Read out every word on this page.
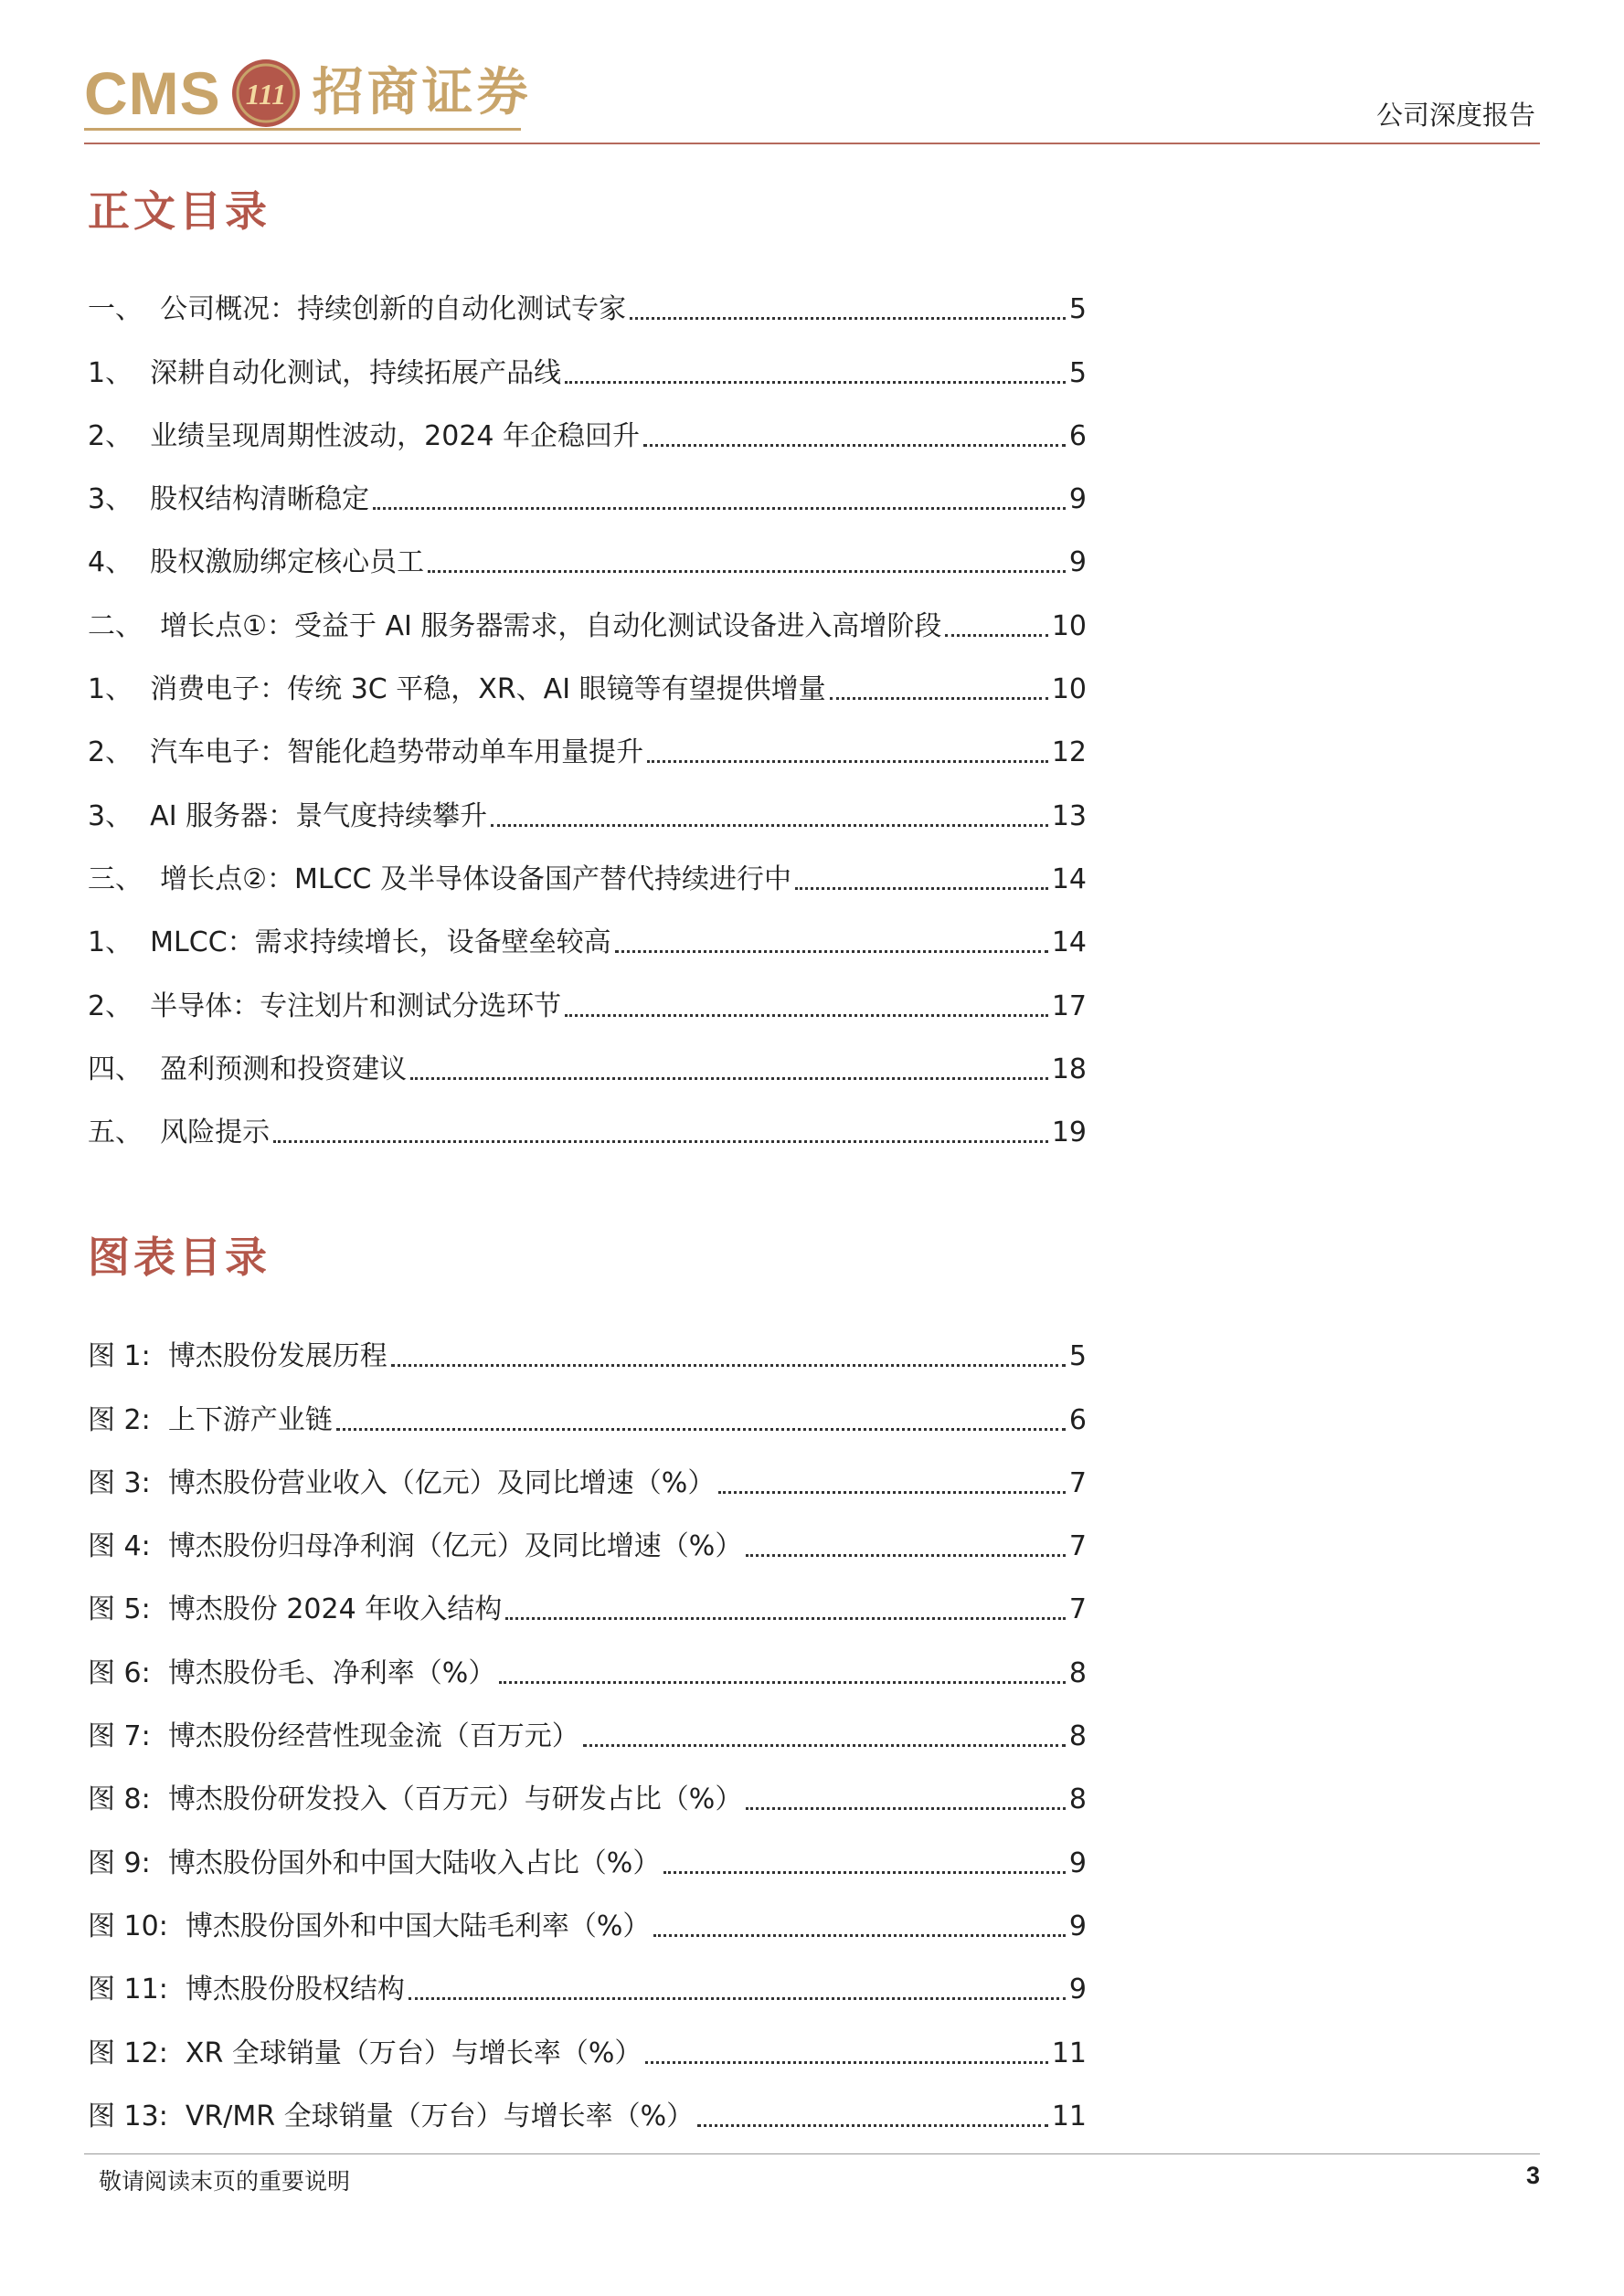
CMS 111 招商证券	公司深度报告
正文目录
一、 公司概况：持续创新的自动化测试专家	5
1、 深耕自动化测试，持续拓展产品线	5
2、 业绩呈现周期性波动，2024 年企稳回升	6
3、 股权结构清晰稳定	9
4、 股权激励绑定核心员工	9
二、 增长点①：受益于 AI 服务器需求，自动化测试设备进入高增阶段	10
1、 消费电子：传统 3C 平稳，XR、AI 眼镜等有望提供增量	10
2、 汽车电子：智能化趋势带动单车用量提升	12
3、 AI 服务器：景气度持续攀升	13
三、 增长点②：MLCC 及半导体设备国产替代持续进行中	14
1、 MLCC：需求持续增长，设备壁垒较高	14
2、 半导体：专注划片和测试分选环节	17
四、 盈利预测和投资建议	18
五、 风险提示	19
图表目录
图 1: 博杰股份发展历程	5
图 2: 上下游产业链	6
图 3: 博杰股份营业收入（亿元）及同比增速（%）	7
图 4: 博杰股份归母净利润（亿元）及同比增速（%）	7
图 5: 博杰股份 2024 年收入结构	7
图 6: 博杰股份毛、净利率（%）	8
图 7: 博杰股份经营性现金流（百万元）	8
图 8: 博杰股份研发投入（百万元）与研发占比（%）	8
图 9: 博杰股份国外和中国大陆收入占比（%）	9
图 10: 博杰股份国外和中国大陆毛利率（%）	9
图 11: 博杰股份股权结构	9
图 12: XR 全球销量（万台）与增长率（%）	11
图 13: VR/MR 全球销量（万台）与增长率（%）	11
敬请阅读末页的重要说明	3
